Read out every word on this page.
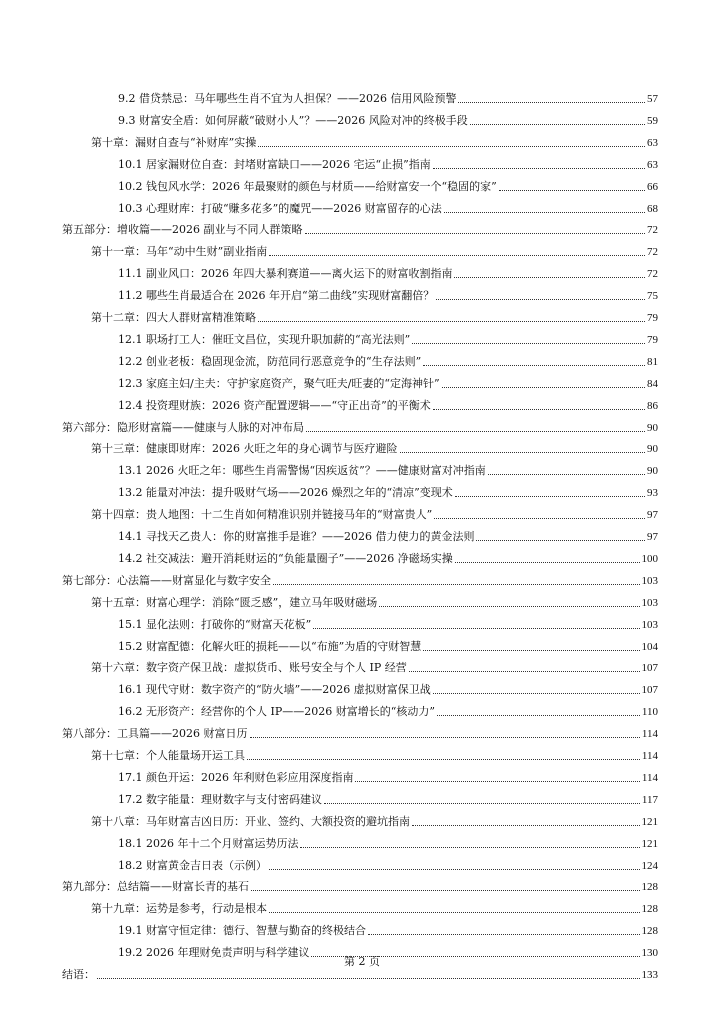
9.2 借贷禁忌：马年哪些生肖不宜为人担保？——2026 信用风险预警	57
9.3 财富安全盾：如何屏蔽“破财小人”？——2026 风险对冲的终极手段	59
第十章：漏财自查与“补财库”实操	63
10.1 居家漏财位自查：封堵财富缺口——2026 宅运“止损”指南	63
10.2 钱包风水学：2026 年最聚财的颜色与材质——给财富安一个“稳固的家”	66
10.3 心理财库：打破“赚多花多”的魔咒——2026 财富留存的心法	68
第五部分：增收篇——2026 副业与不同人群策略	72
第十一章：马年“动中生财”副业指南	72
11.1 副业风口：2026 年四大暴利赛道——离火运下的财富收割指南	72
11.2 哪些生肖最适合在 2026 年开启“第二曲线”实现财富翻倍？	75
第十二章：四大人群财富精准策略	79
12.1 职场打工人：催旺文昌位，实现升职加薪的“高光法则”	79
12.2 创业老板：稳固现金流，防范同行恶意竞争的“生存法则”	81
12.3 家庭主妇/主夫：守护家庭资产，聚气旺夫/旺妻的“定海神针”	84
12.4 投资理财族：2026 资产配置逻辑——“守正出奇”的平衡术	86
第六部分：隐形财富篇——健康与人脉的对冲布局	90
第十三章：健康即财库：2026 火旺之年的身心调节与医疗避险	90
13.1 2026 火旺之年：哪些生肖需警惕“因疾返贫”？——健康财富对冲指南	90
13.2 能量对冲法：提升吸财气场——2026 燥烈之年的“清凉”变现术	93
第十四章：贵人地图：十二生肖如何精准识别并链接马年的“财富贵人”	97
14.1 寻找天乙贵人：你的财富推手是谁？——2026 借力使力的黄金法则	97
14.2 社交减法：避开消耗财运的“负能量圈子”——2026 净磁场实操	100
第七部分：心法篇——财富显化与数字安全	103
第十五章：财富心理学：消除“匮乏感”，建立马年吸财磁场	103
15.1 显化法则：打破你的“财富天花板”	103
15.2 财富配德：化解火旺的损耗——以“布施”为盾的守财智慧	104
第十六章：数字资产保卫战：虚拟货币、账号安全与个人 IP 经营	107
16.1 现代守财：数字资产的“防火墙”——2026 虚拟财富保卫战	107
16.2 无形资产：经营你的个人 IP——2026 财富增长的“核动力”	110
第八部分：工具篇——2026 财富日历	114
第十七章：个人能量场开运工具	114
17.1 颜色开运：2026 年利财色彩应用深度指南	114
17.2 数字能量：理财数字与支付密码建议	117
第十八章：马年财富吉凶日历：开业、签约、大额投资的避坑指南	121
18.1 2026 年十二个月财富运势历法	121
18.2 财富黄金吉日表（示例）	124
第九部分：总结篇——财富长青的基石	128
第十九章：运势是参考，行动是根本	128
19.1 财富守恒定律：德行、智慧与勤奋的终极结合	128
19.2 2026 年理财免责声明与科学建议	130
结语：	133
第 2 页
